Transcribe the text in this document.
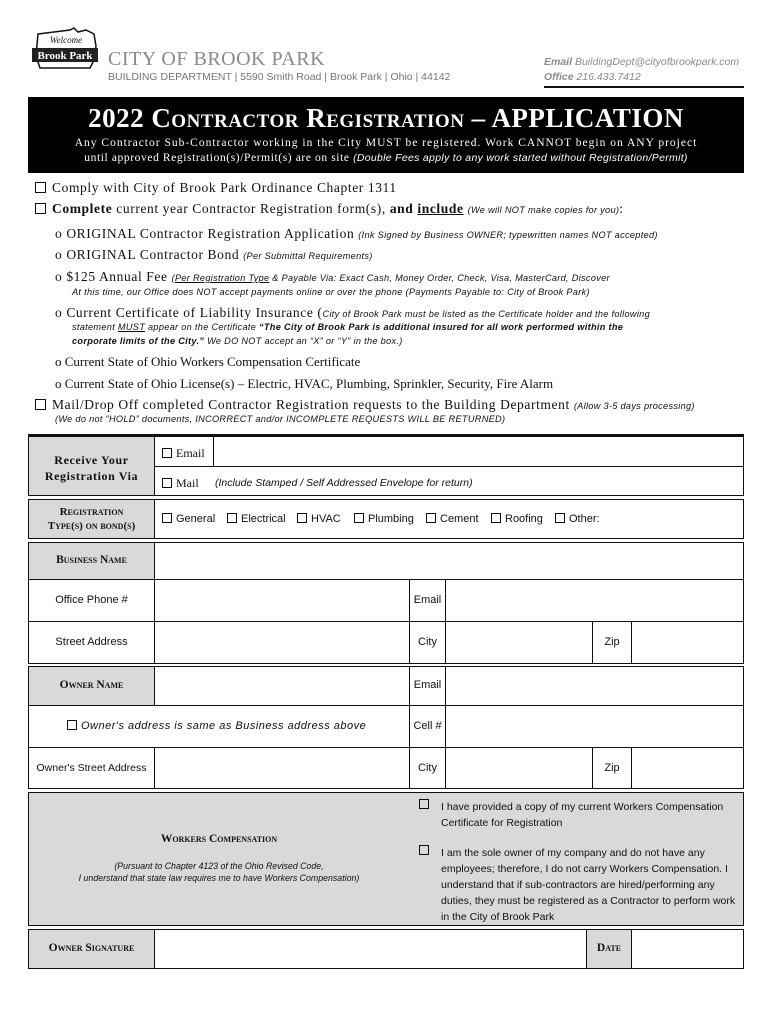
Welcome
Brook Park CITY OF BROOK PARK
BUILDING DEPARTMENT | 5590 Smith Road | Brook Park | Ohio | 44142
Email BuildingDept@cityofbrookpark.com
Office 216.433.7412
2022 Contractor Registration – APPLICATION
Any Contractor Sub-Contractor working in the City MUST be registered. Work CANNOT begin on ANY project
until approved Registration(s)/Permit(s) are on site (Double Fees apply to any work started without Registration/Permit)
Comply with City of Brook Park Ordinance Chapter 1311
Complete current year Contractor Registration form(s), and include (We will NOT make copies for you):
o ORIGINAL Contractor Registration Application (Ink Signed by Business OWNER; typewritten names NOT accepted)
o ORIGINAL Contractor Bond (Per Submittal Requirements)
o $125 Annual Fee (Per Registration Type & Payable Via: Exact Cash, Money Order, Check, Visa, MasterCard, Discover
At this time, our Office does NOT accept payments online or over the phone (Payments Payable to: City of Brook Park)
o Current Certificate of Liability Insurance (City of Brook Park must be listed as the Certificate holder and the following
statement MUST appear on the Certificate “The City of Brook Park is additional insured for all work performed within the
corporate limits of the City.” We DO NOT accept an “X” or “Y” in the box.)
o Current State of Ohio Workers Compensation Certificate
o Current State of Ohio License(s) – Electric, HVAC, Plumbing, Sprinkler, Security, Fire Alarm
Mail/Drop Off completed Contractor Registration requests to the Building Department (Allow 3-5 days processing)
(We do not “HOLD” documents, INCORRECT and/or INCOMPLETE REQUESTS WILL BE RETURNED)
Receive Your
Registration Via
Email
Mail (Include Stamped / Self Addressed Envelope for return)
Registration
Type(s) on bond(s)
General	Electrical	HVAC	Plumbing	Cement	Roofing	Other:
Business Name
Office Phone #	Email
Street Address	City	Zip
Owner Name	Email
Owner's address is same as Business address above	Cell #
Owner's Street Address	City	Zip
Workers Compensation
(Pursuant to Chapter 4123 of the Ohio Revised Code,
I understand that state law requires me to have Workers Compensation)
I have provided a copy of my current Workers Compensation
Certificate for Registration
I am the sole owner of my company and do not have any
employees; therefore, I do not carry Workers Compensation. I
understand that if sub-contractors are hired/performing any
duties, they must be registered as a Contractor to perform work
in the City of Brook Park
Owner Signature	Date
